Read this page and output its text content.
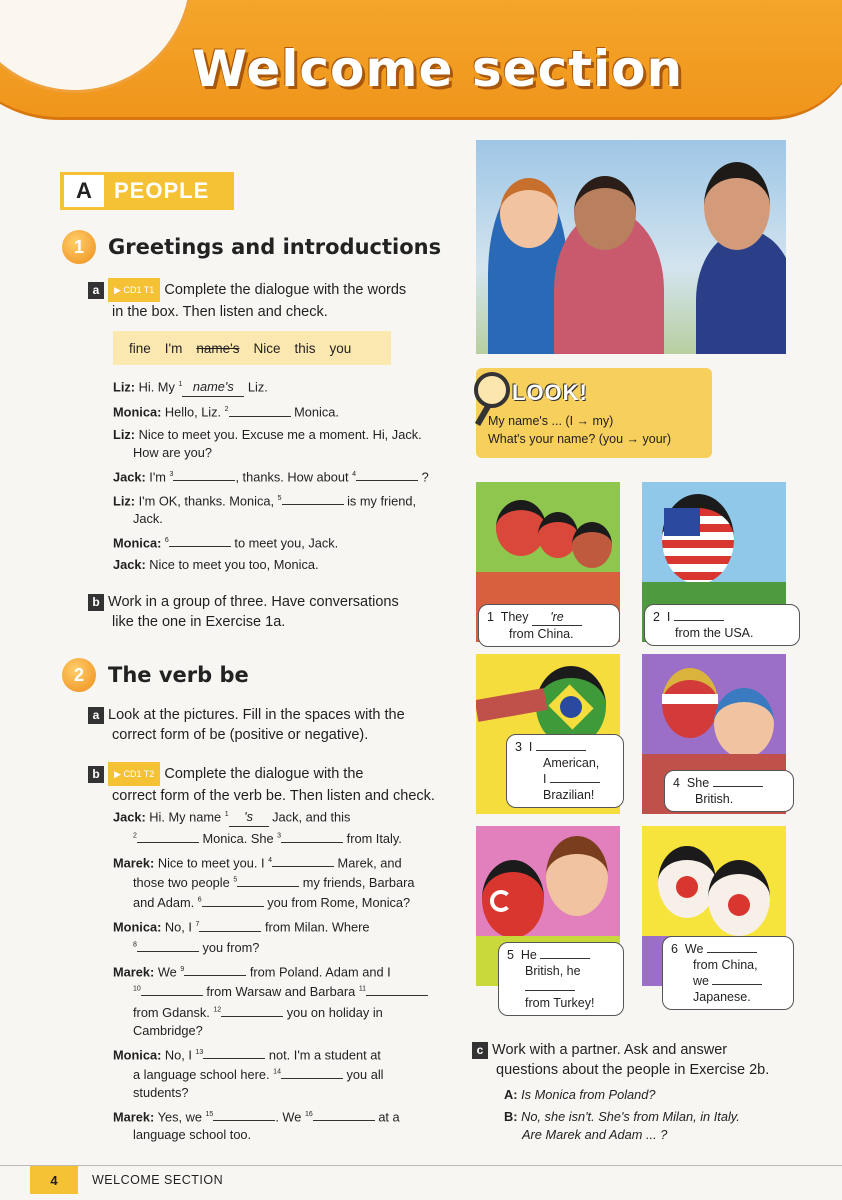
Welcome section
A	PEOPLE
1	Greetings and introductions
a ▶ CD1 T1 Complete the dialogue with the words
in the box. Then listen and check.
fine I'm name's Nice this you
Liz: Hi. My $^1$ name's Liz.
Monica: Hello, Liz. $^2$	Monica.
Liz: Nice to meet you. Excuse me a moment. Hi, Jack.
How are you?
Jack: I'm $^3$	, thanks. How about $^4$	?
Liz: I'm OK, thanks. Monica, $^5$	is my friend,
Jack.
Monica: $^6$	to meet you, Jack.
Jack: Nice to meet you too, Monica.
b Work in a group of three. Have conversations
like the one in Exercise 1a.
2	The verb be
a Look at the pictures. Fill in the spaces with the
correct form of be (positive or negative).
b ▶ CD1 T2 Complete the dialogue with the
correct form of the verb be. Then listen and check.
Jack: Hi. My name $^1$ 's Jack, and this
$^2$	Monica. She $^3$	from Italy.
Marek: Nice to meet you. I $^4$	Marek, and
those two people $^5$	my friends, Barbara
and Adam. $^6$	you from Rome, Monica?
Monica: No, I $^7$	from Milan. Where
$^8$	you from?
Marek: We $^9$	from Poland. Adam and I
$^{10}$	from Warsaw and Barbara $^{11}$
from Gdansk. $^{12}$	you on holiday in
Cambridge?
Monica: No, I $^{13}$	not. I'm a student at
a language school here. $^{14}$	you all
students?
Marek: Yes, we $^{15}$	. We $^{16}$	at a
language school too.
LOOK!
My name's ... (I → my)
What's your name? (you → your)
1 They 're
from China.
2 I
from the USA.
3 I
American,
I
Brazilian!
4 She
British.
5 He
British, he

from Turkey!
6 We
from China,
we
Japanese.
c Work with a partner. Ask and answer
questions about the people in Exercise 2b.
A: Is Monica from Poland?
B: No, she isn't. She's from Milan, in Italy.
Are Marek and Adam ... ?
4	WELCOME SECTION
